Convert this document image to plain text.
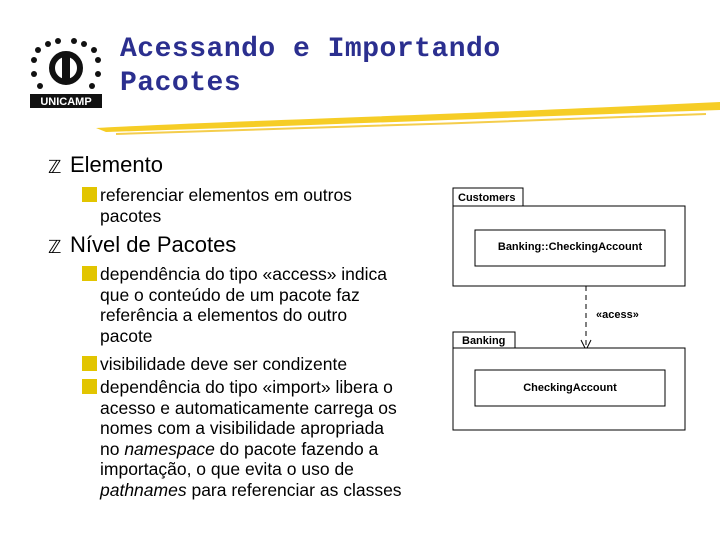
UNICAMP
Acessando e Importando
Pacotes
ℤ Elemento
referenciar elementos em outros
pacotes
ℤ Nível de Pacotes
dependência do tipo «access» indica
que o conteúdo de um pacote faz
referência a elementos do outro
pacote
visibilidade deve ser condizente
dependência do tipo «import» libera o
acesso e automaticamente carrega os
nomes com a visibilidade apropriada
no namespace do pacote fazendo a
importação, o que evita o uso de
pathnames para referenciar as classes
Customers
Banking::CheckingAccount
«acess»
Banking
CheckingAccount
